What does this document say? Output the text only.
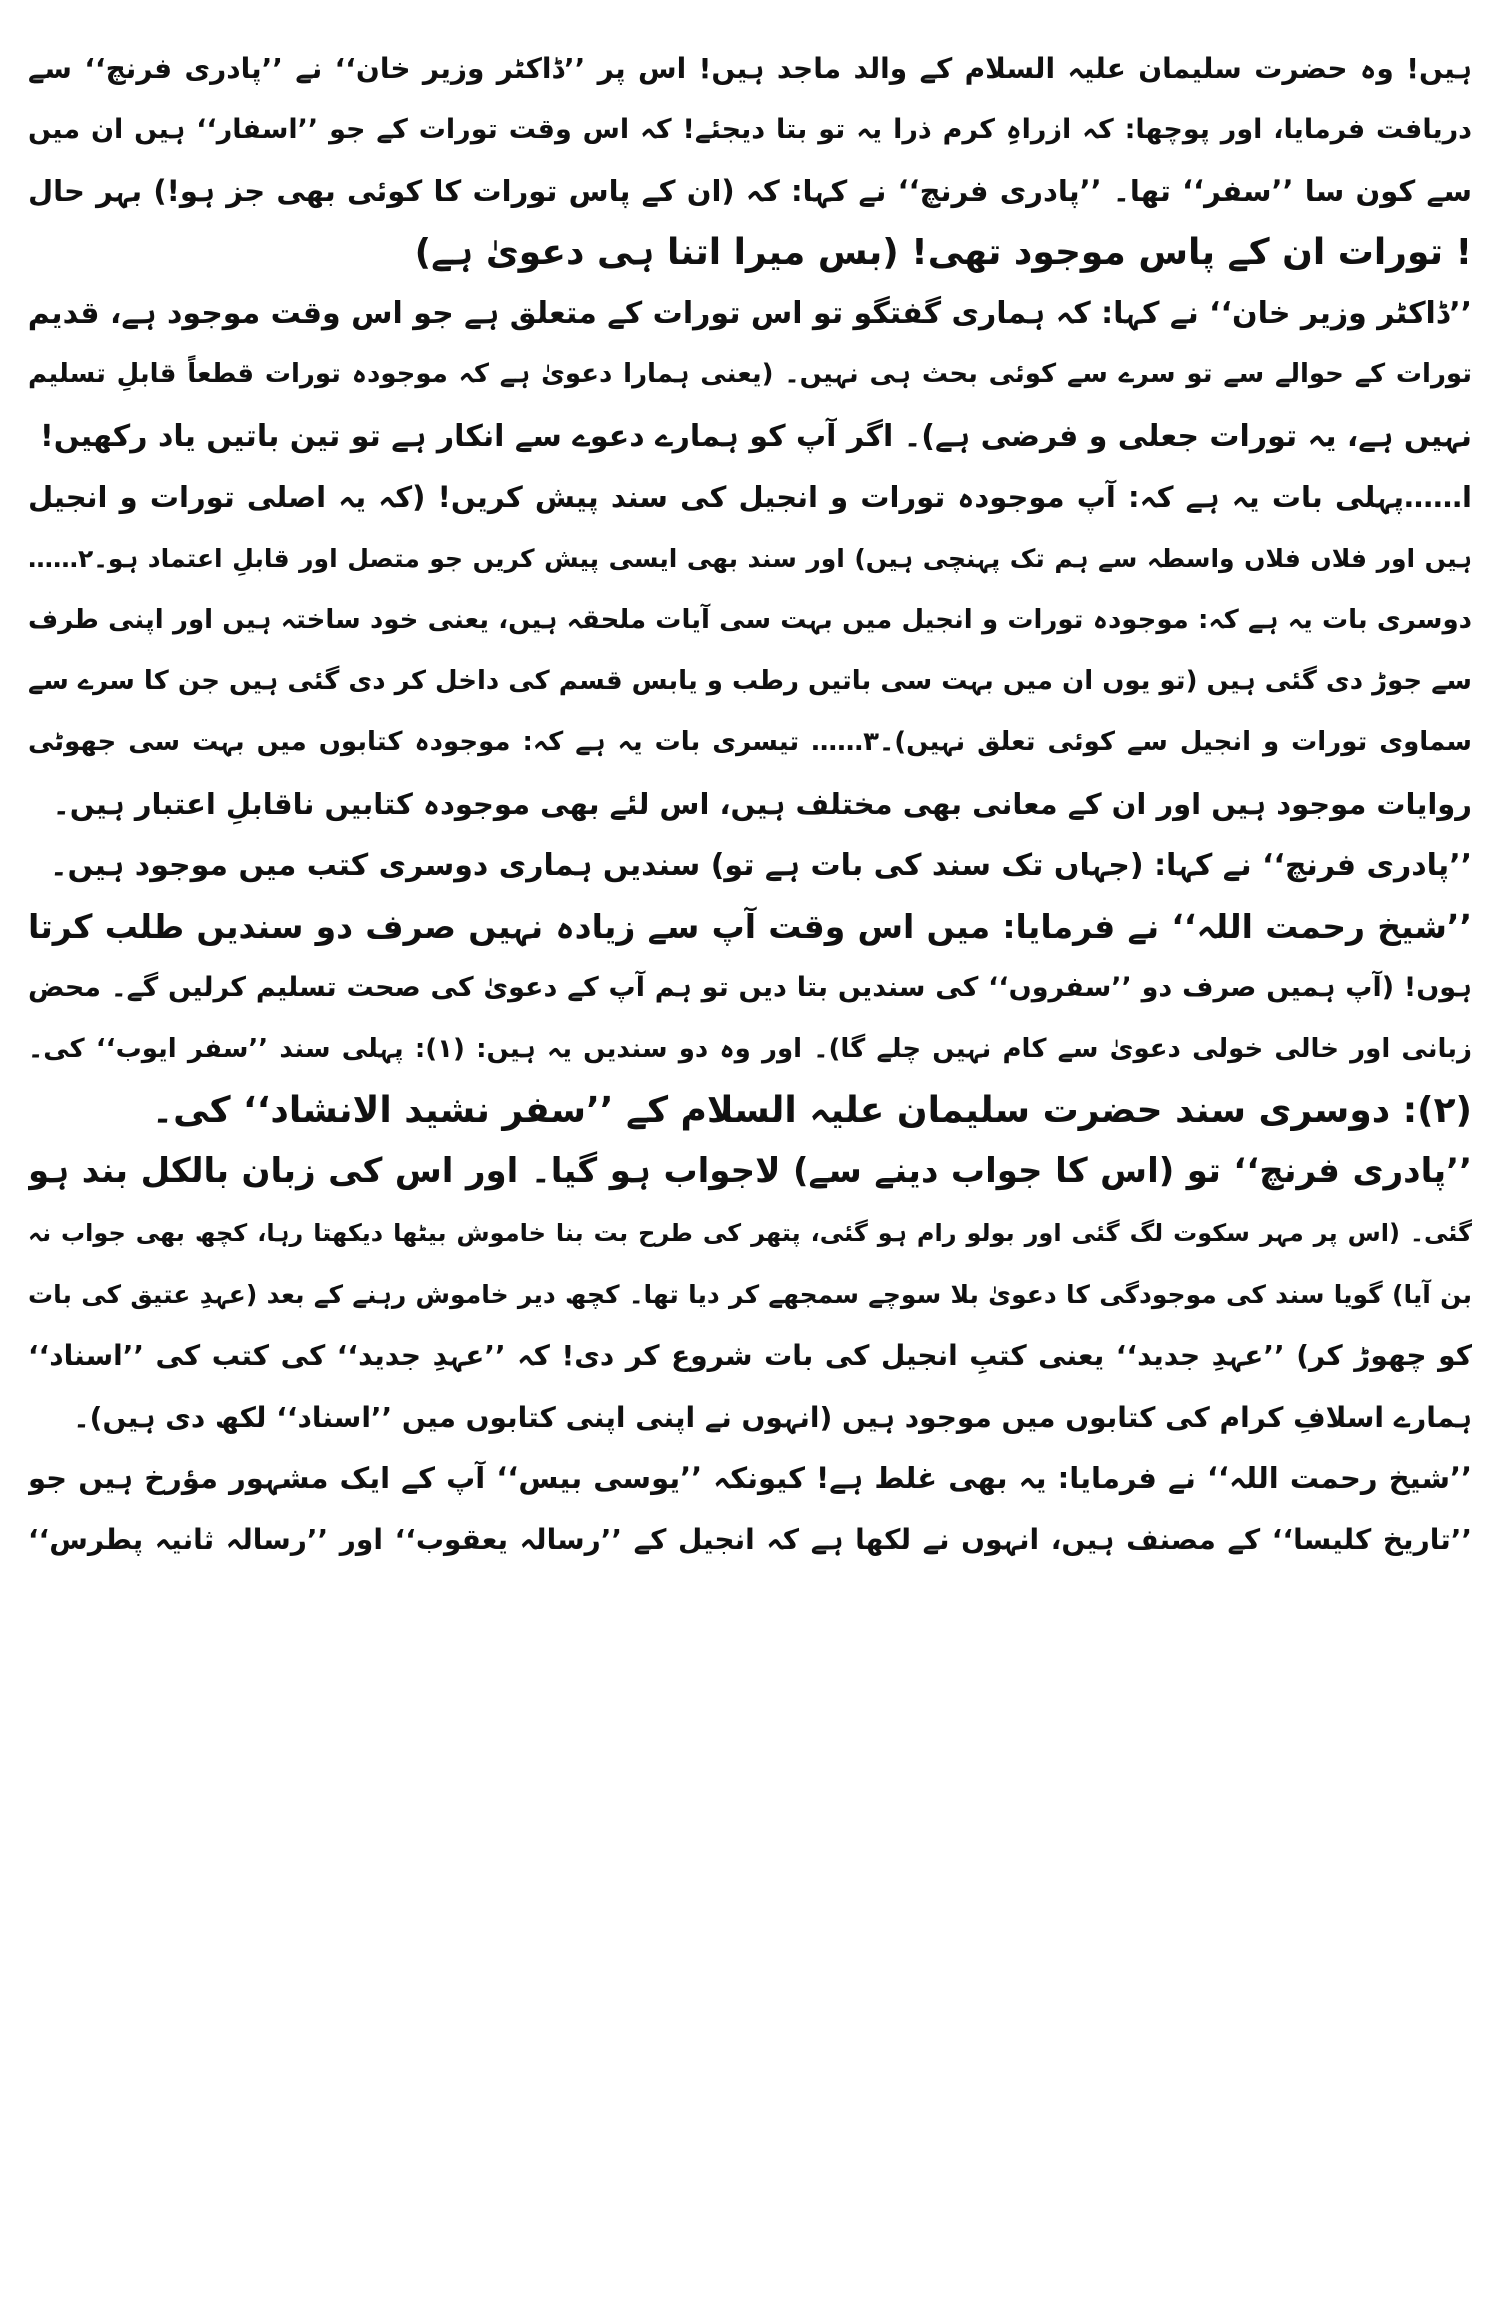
ہیں! وہ حضرت سلیمان علیہ السلام کے والد ماجد ہیں! اس پر ’’ڈاکٹر وزیر خان‘‘ نے ’’پادری فرنچ‘‘ سے
دریافت فرمایا، اور پوچھا: کہ ازراہِ کرم ذرا یہ تو بتا دیجئے! کہ اس وقت تورات کے جو ’’اسفار‘‘ ہیں ان میں
سے کون سا ’’سفر‘‘ تھا۔ ’’پادری فرنچ‘‘ نے کہا: کہ (ان کے پاس تورات کا کوئی بھی جز ہو!) بہر حال
! تورات ان کے پاس موجود تھی! (بس میرا اتنا ہی دعویٰ ہے)
’’ڈاکٹر وزیر خان‘‘ نے کہا: کہ ہماری گفتگو تو اس تورات کے متعلق ہے جو اس وقت موجود ہے، قدیم
تورات کے حوالے سے تو سرے سے کوئی بحث ہی نہیں۔ (یعنی ہمارا دعویٰ ہے کہ موجودہ تورات قطعاً قابلِ تسلیم
نہیں ہے، یہ تورات جعلی و فرضی ہے)۔ اگر آپ کو ہمارے دعوے سے انکار ہے تو تین باتیں یاد رکھیں!
ا……پہلی بات یہ ہے کہ: آپ موجودہ تورات و انجیل کی سند پیش کریں! (کہ یہ اصلی تورات و انجیل
ہیں اور فلاں فلاں واسطہ سے ہم تک پہنچی ہیں) اور سند بھی ایسی پیش کریں جو متصل اور قابلِ اعتماد ہو۔۲……
دوسری بات یہ ہے کہ: موجودہ تورات و انجیل میں بہت سی آیات ملحقہ ہیں، یعنی خود ساختہ ہیں اور اپنی طرف
سے جوڑ دی گئی ہیں (تو یوں ان میں بہت سی باتیں رطب و یابس قسم کی داخل کر دی گئی ہیں جن کا سرے سے
سماوی تورات و انجیل سے کوئی تعلق نہیں)۔۳…… تیسری بات یہ ہے کہ: موجودہ کتابوں میں بہت سی جھوٹی
روایات موجود ہیں اور ان کے معانی بھی مختلف ہیں، اس لئے بھی موجودہ کتابیں ناقابلِ اعتبار ہیں۔
’’پادری فرنچ‘‘ نے کہا: (جہاں تک سند کی بات ہے تو) سندیں ہماری دوسری کتب میں موجود ہیں۔
’’شیخ رحمت اللہ‘‘ نے فرمایا: میں اس وقت آپ سے زیادہ نہیں صرف دو سندیں طلب کرتا
ہوں! (آپ ہمیں صرف دو ’’سفروں‘‘ کی سندیں بتا دیں تو ہم آپ کے دعویٰ کی صحت تسلیم کرلیں گے۔ محض
زبانی اور خالی خولی دعویٰ سے کام نہیں چلے گا)۔ اور وہ دو سندیں یہ ہیں: (۱): پہلی سند ’’سفر ایوب‘‘ کی۔
(۲): دوسری سند حضرت سلیمان علیہ السلام کے ’’سفر نشید الانشاد‘‘ کی۔
’’پادری فرنچ‘‘ تو (اس کا جواب دینے سے) لاجواب ہو گیا۔ اور اس کی زبان بالکل بند ہو
گئی۔ (اس پر مہر سکوت لگ گئی اور بولو رام ہو گئی، پتھر کی طرح بت بنا خاموش بیٹھا دیکھتا رہا، کچھ بھی جواب نہ
بن آیا) گویا سند کی موجودگی کا دعویٰ بلا سوچے سمجھے کر دیا تھا۔ کچھ دیر خاموش رہنے کے بعد (عہدِ عتیق کی بات
کو چھوڑ کر) ’’عہدِ جدید‘‘ یعنی کتبِ انجیل کی بات شروع کر دی! کہ ’’عہدِ جدید‘‘ کی کتب کی ’’اسناد‘‘
ہمارے اسلافِ کرام کی کتابوں میں موجود ہیں (انہوں نے اپنی اپنی کتابوں میں ’’اسناد‘‘ لکھ دی ہیں)۔
’’شیخ رحمت اللہ‘‘ نے فرمایا: یہ بھی غلط ہے! کیونکہ ’’یوسی بیس‘‘ آپ کے ایک مشہور مؤرخ ہیں جو
’’تاریخ کلیسا‘‘ کے مصنف ہیں، انہوں نے لکھا ہے کہ انجیل کے ’’رسالہ یعقوب‘‘ اور ’’رسالہ ثانیہ پطرس‘‘
